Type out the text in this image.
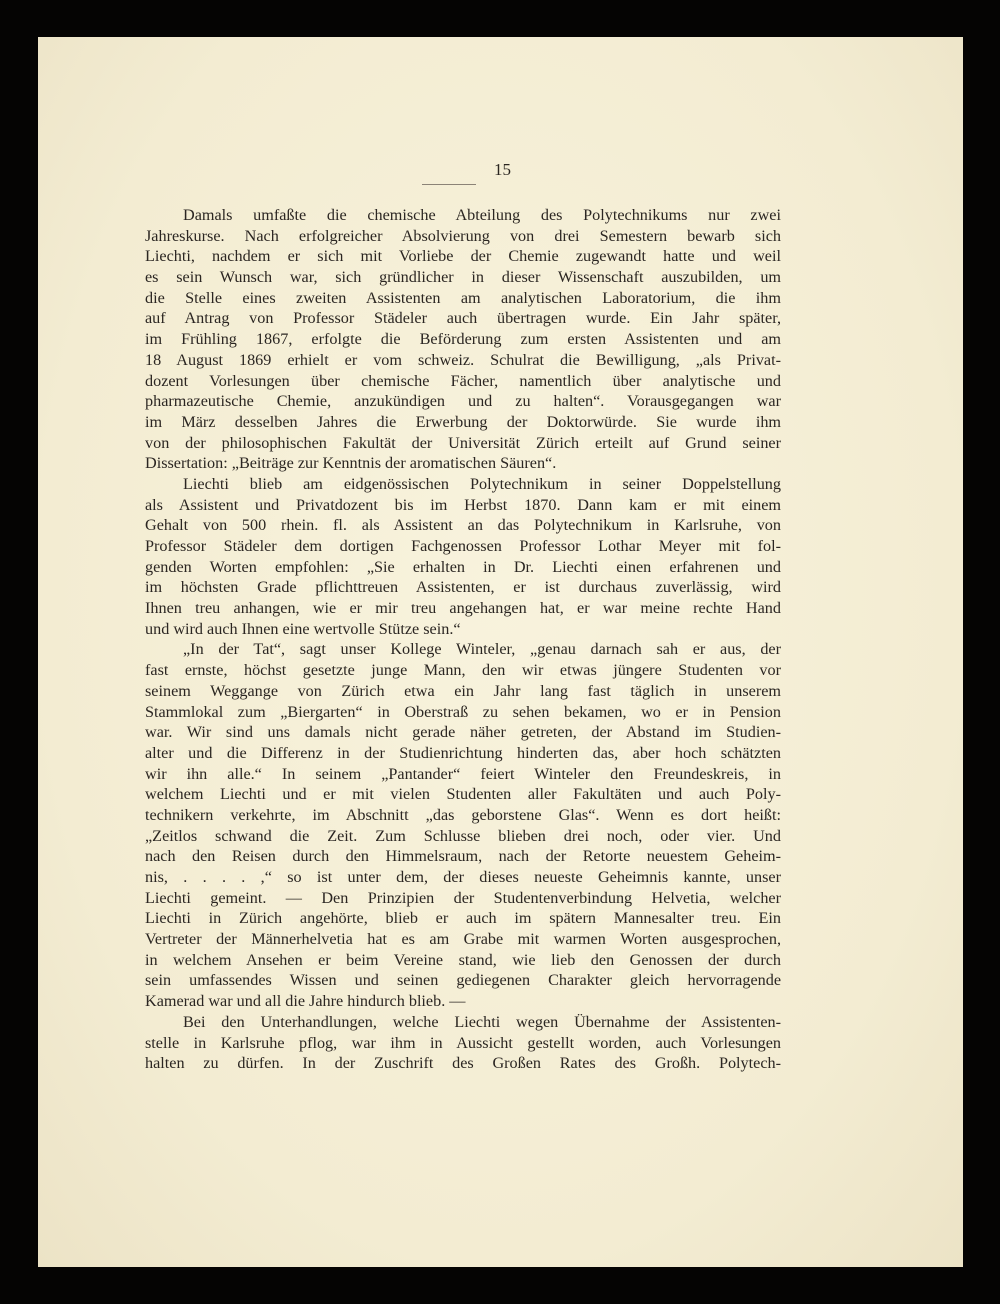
15
Damals umfaßte die chemische Abteilung des Polytechnikums nur zwei
Jahreskurse. Nach erfolgreicher Absolvierung von drei Semestern bewarb sich
Liechti, nachdem er sich mit Vorliebe der Chemie zugewandt hatte und weil
es sein Wunsch war, sich gründlicher in dieser Wissenschaft auszubilden, um
die Stelle eines zweiten Assistenten am analytischen Laboratorium, die ihm
auf Antrag von Professor Städeler auch übertragen wurde. Ein Jahr später,
im Frühling 1867, erfolgte die Beförderung zum ersten Assistenten und am
18 August 1869 erhielt er vom schweiz. Schulrat die Bewilligung, „als Privat-
dozent Vorlesungen über chemische Fächer, namentlich über analytische und
pharmazeutische Chemie, anzukündigen und zu halten“. Vorausgegangen war
im März desselben Jahres die Erwerbung der Doktorwürde. Sie wurde ihm
von der philosophischen Fakultät der Universität Zürich erteilt auf Grund seiner
Dissertation: „Beiträge zur Kenntnis der aromatischen Säuren“.
Liechti blieb am eidgenössischen Polytechnikum in seiner Doppelstellung
als Assistent und Privatdozent bis im Herbst 1870. Dann kam er mit einem
Gehalt von 500 rhein. fl. als Assistent an das Polytechnikum in Karlsruhe, von
Professor Städeler dem dortigen Fachgenossen Professor Lothar Meyer mit fol-
genden Worten empfohlen: „Sie erhalten in Dr. Liechti einen erfahrenen und
im höchsten Grade pflichttreuen Assistenten, er ist durchaus zuverlässig, wird
Ihnen treu anhangen, wie er mir treu angehangen hat, er war meine rechte Hand
und wird auch Ihnen eine wertvolle Stütze sein.“
„In der Tat“, sagt unser Kollege Winteler, „genau darnach sah er aus, der
fast ernste, höchst gesetzte junge Mann, den wir etwas jüngere Studenten vor
seinem Weggange von Zürich etwa ein Jahr lang fast täglich in unserem
Stammlokal zum „Biergarten“ in Oberstraß zu sehen bekamen, wo er in Pension
war. Wir sind uns damals nicht gerade näher getreten, der Abstand im Studien-
alter und die Differenz in der Studienrichtung hinderten das, aber hoch schätzten
wir ihn alle.“ In seinem „Pantander“ feiert Winteler den Freundeskreis, in
welchem Liechti und er mit vielen Studenten aller Fakultäten und auch Poly-
technikern verkehrte, im Abschnitt „das geborstene Glas“. Wenn es dort heißt:
„Zeitlos schwand die Zeit. Zum Schlusse blieben drei noch, oder vier. Und
nach den Reisen durch den Himmelsraum, nach der Retorte neuestem Geheim-
nis, . . . . ,“ so ist unter dem, der dieses neueste Geheimnis kannte, unser
Liechti gemeint. — Den Prinzipien der Studentenverbindung Helvetia, welcher
Liechti in Zürich angehörte, blieb er auch im spätern Mannesalter treu. Ein
Vertreter der Männerhelvetia hat es am Grabe mit warmen Worten ausgesprochen,
in welchem Ansehen er beim Vereine stand, wie lieb den Genossen der durch
sein umfassendes Wissen und seinen gediegenen Charakter gleich hervorragende
Kamerad war und all die Jahre hindurch blieb. —
Bei den Unterhandlungen, welche Liechti wegen Übernahme der Assistenten-
stelle in Karlsruhe pflog, war ihm in Aussicht gestellt worden, auch Vorlesungen
halten zu dürfen. In der Zuschrift des Großen Rates des Großh. Polytech-
